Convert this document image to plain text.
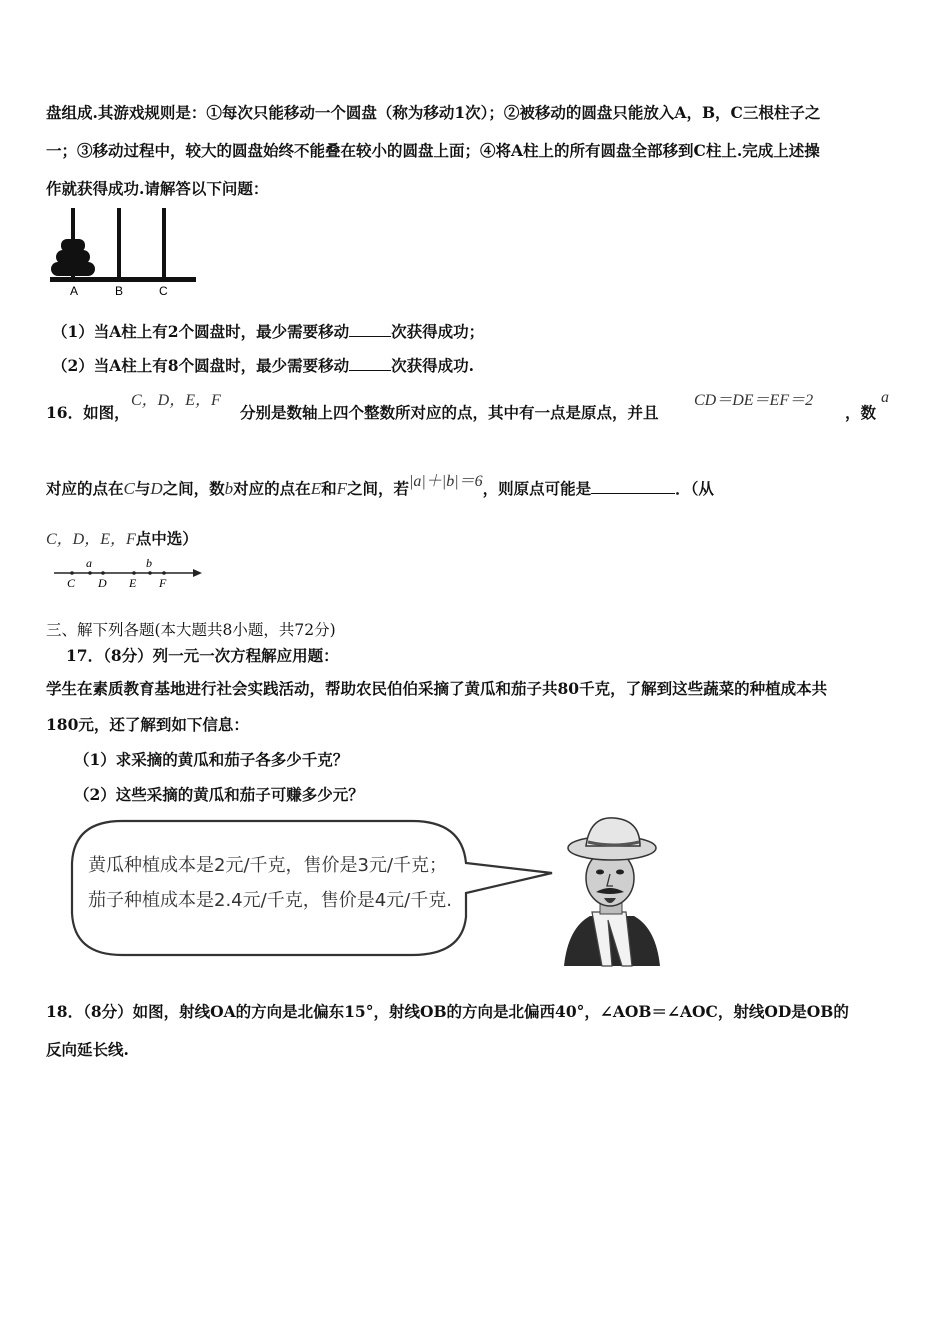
盘组成.其游戏规则是：①每次只能移动一个圆盘（称为移动1次）；②被移动的圆盘只能放入A，B，C三根柱子之
一；③移动过程中，较大的圆盘始终不能叠在较小的圆盘上面；④将A柱上的所有圆盘全部移到C柱上.完成上述操
作就获得成功.请解答以下问题：
A	B	C
（1）当A柱上有2个圆盘时，最少需要移动	次获得成功；
（2）当A柱上有8个圆盘时，最少需要移动	次获得成功.
16．如图，
C，D，E，F
分别是数轴上四个整数所对应的点，其中有一点是原点，并且
CD＝DE＝EF＝2
，数
a
对应的点在C与D之间，数b对应的点在E和F之间，若|a|＋|b|＝6，则原点可能是	．（从
C，D，E，F点中选）
a	b
C D E F
三、解下列各题(本大题共8小题，共72分)
17．（8分）列一元一次方程解应用题：
学生在素质教育基地进行社会实践活动，帮助农民伯伯采摘了黄瓜和茄子共80千克，了解到这些蔬菜的种植成本共
180元，还了解到如下信息：
（1）求采摘的黄瓜和茄子各多少千克？
（2）这些采摘的黄瓜和茄子可赚多少元？
黄瓜种植成本是2元/千克，售价是3元/千克；
茄子种植成本是2.4元/千克，售价是4元/千克.
18．（8分）如图，射线OA的方向是北偏东15°，射线OB的方向是北偏西40°，∠AOB＝∠AOC，射线OD是OB的
反向延长线.
